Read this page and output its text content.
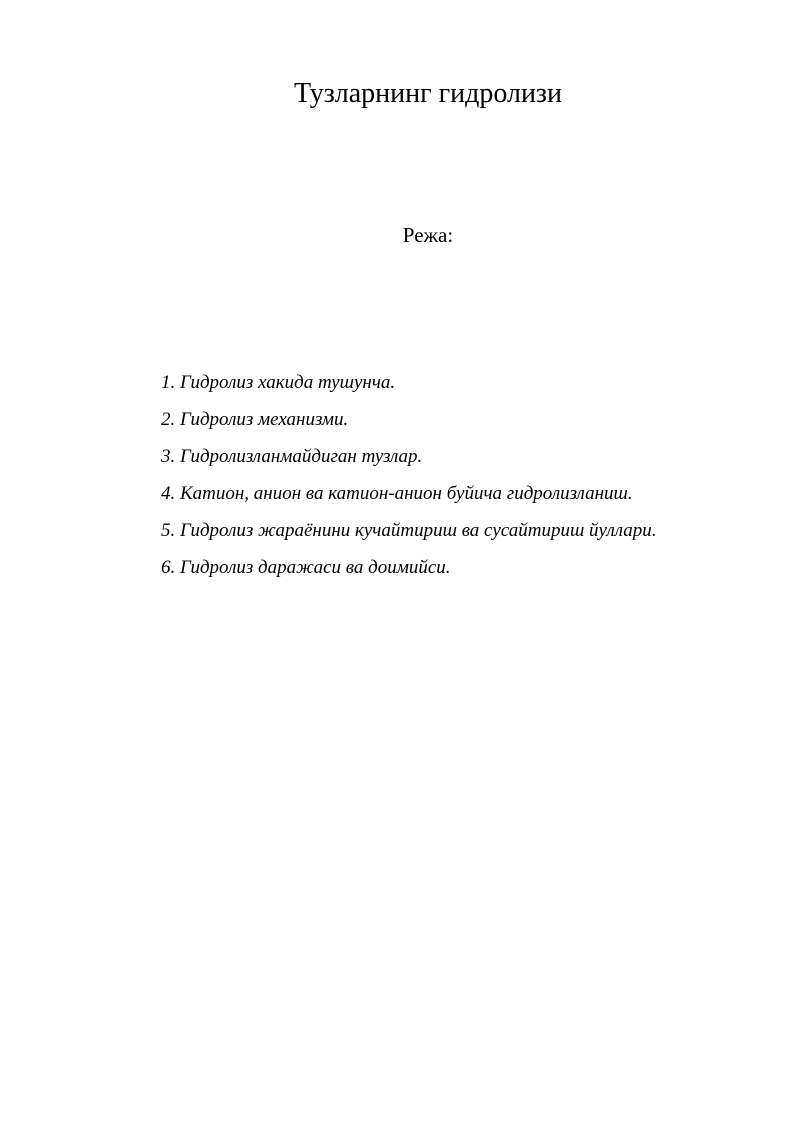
Тузларнинг гидролизи
Режа:
1. Гидролиз хакида тушунча.
2. Гидролиз механизми.
3. Гидролизланмайдиган тузлар.
4. Катион, анион ва катион-анион буйича гидролизланиш.
5. Гидролиз жараёнини кучайтириш ва сусайтириш йуллари.
6. Гидролиз даражаси ва доимийси.
